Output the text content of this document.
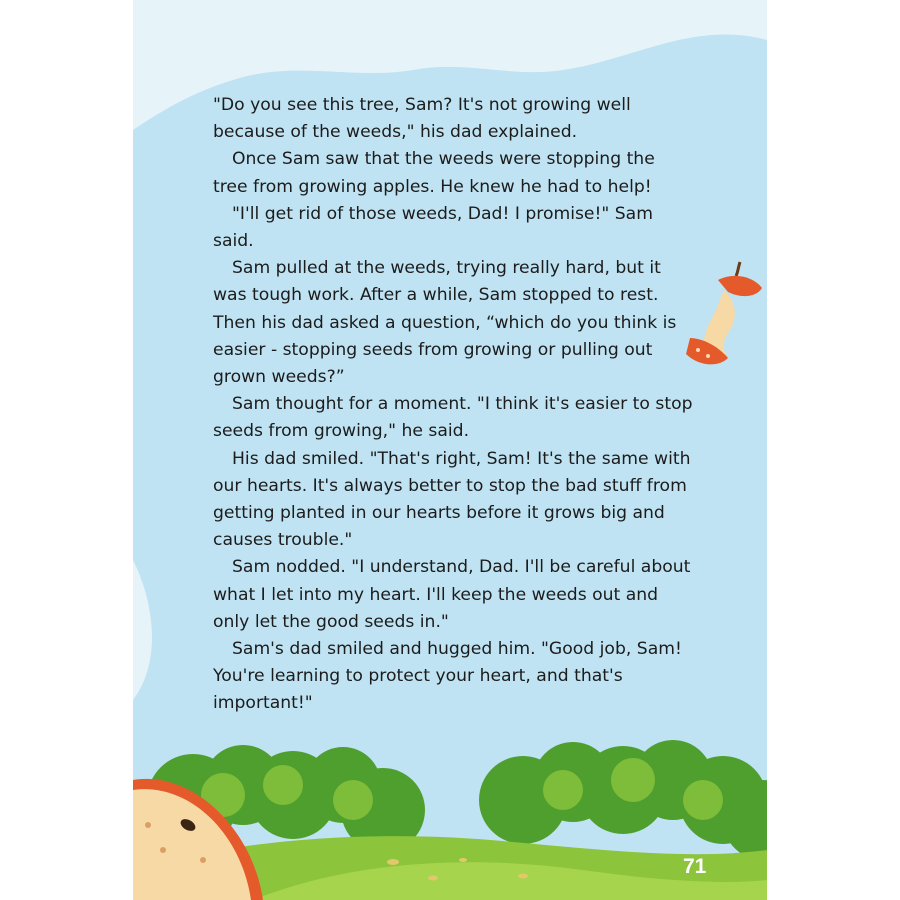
"Do you see this tree, Sam? It's not growing well because of the weeds," his dad explained.

Once Sam saw that the weeds were stopping the tree from growing apples. He knew he had to help!

"I'll get rid of those weeds, Dad! I promise!" Sam said.

Sam pulled at the weeds, trying really hard, but it was tough work. After a while, Sam stopped to rest. Then his dad asked a question, “which do you think is easier - stopping seeds from growing or pulling out grown weeds?”

Sam thought for a moment. "I think it's easier to stop seeds from growing," he said.

His dad smiled. "That's right, Sam! It's the same with our hearts. It's always better to stop the bad stuff from getting planted in our hearts before it grows big and causes trouble."

Sam nodded. "I understand, Dad. I'll be careful about what I let into my heart. I'll keep the weeds out and only let the good seeds in."

Sam's dad smiled and hugged him. "Good job, Sam! You're learning to protect your heart, and that's important!"

71
